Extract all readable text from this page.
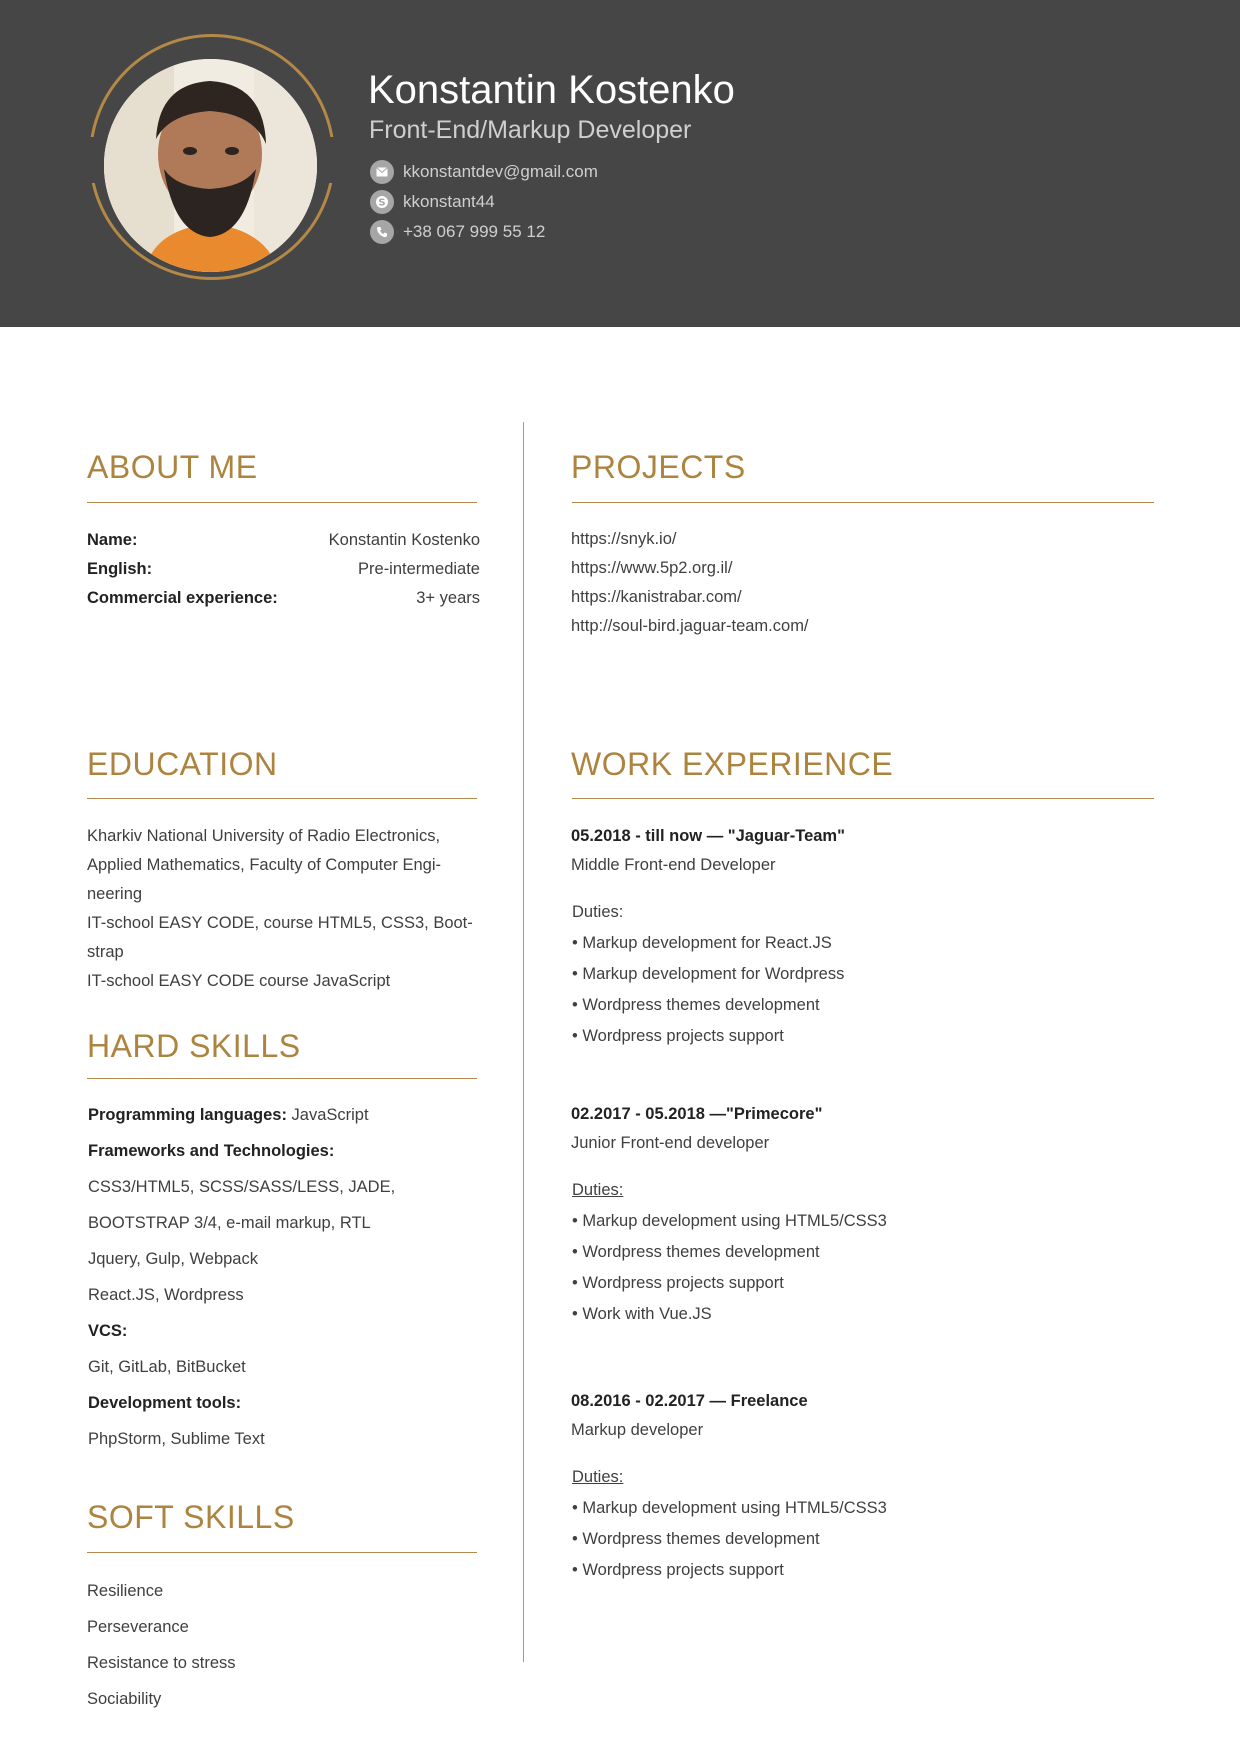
Konstantin Kostenko
Front-End/Markup Developer
kkonstantdev@gmail.com
S kkonstant44
+38 067 999 55 12
ABOUT ME
Name:	Konstantin Kostenko
English:	Pre-intermediate
Commercial experience:	3+ years
PROJECTS
https://snyk.io/
https://www.5p2.org.il/
https://kanistrabar.com/
http://soul-bird.jaguar-team.com/
EDUCATION
Kharkiv National University of Radio Electronics,
Applied Mathematics, Faculty of Computer Engi-
neering
IT-school EASY CODE, course HTML5, CSS3, Boot-
strap
IT-school EASY CODE course JavaScript
HARD SKILLS
Programming languages: JavaScript
Frameworks and Technologies:
CSS3/HTML5, SCSS/SASS/LESS, JADE,
BOOTSTRAP 3/4, e-mail markup, RTL
Jquery, Gulp, Webpack
React.JS, Wordpress
VCS:
Git, GitLab, BitBucket
Development tools:
PhpStorm, Sublime Text
SOFT SKILLS
Resilience
Perseverance
Resistance to stress
Sociability
WORK EXPERIENCE
05.2018 - till now — "Jaguar-Team"
Middle Front-end Developer
Duties:
• Markup development for React.JS
• Markup development for Wordpress
• Wordpress themes development
• Wordpress projects support
02.2017 - 05.2018 —"Primecore"
Junior Front-end developer
Duties:
• Markup development using HTML5/CSS3
• Wordpress themes development
• Wordpress projects support
• Work with Vue.JS
08.2016 - 02.2017 — Freelance
Markup developer
Duties:
• Markup development using HTML5/CSS3
• Wordpress themes development
• Wordpress projects support
